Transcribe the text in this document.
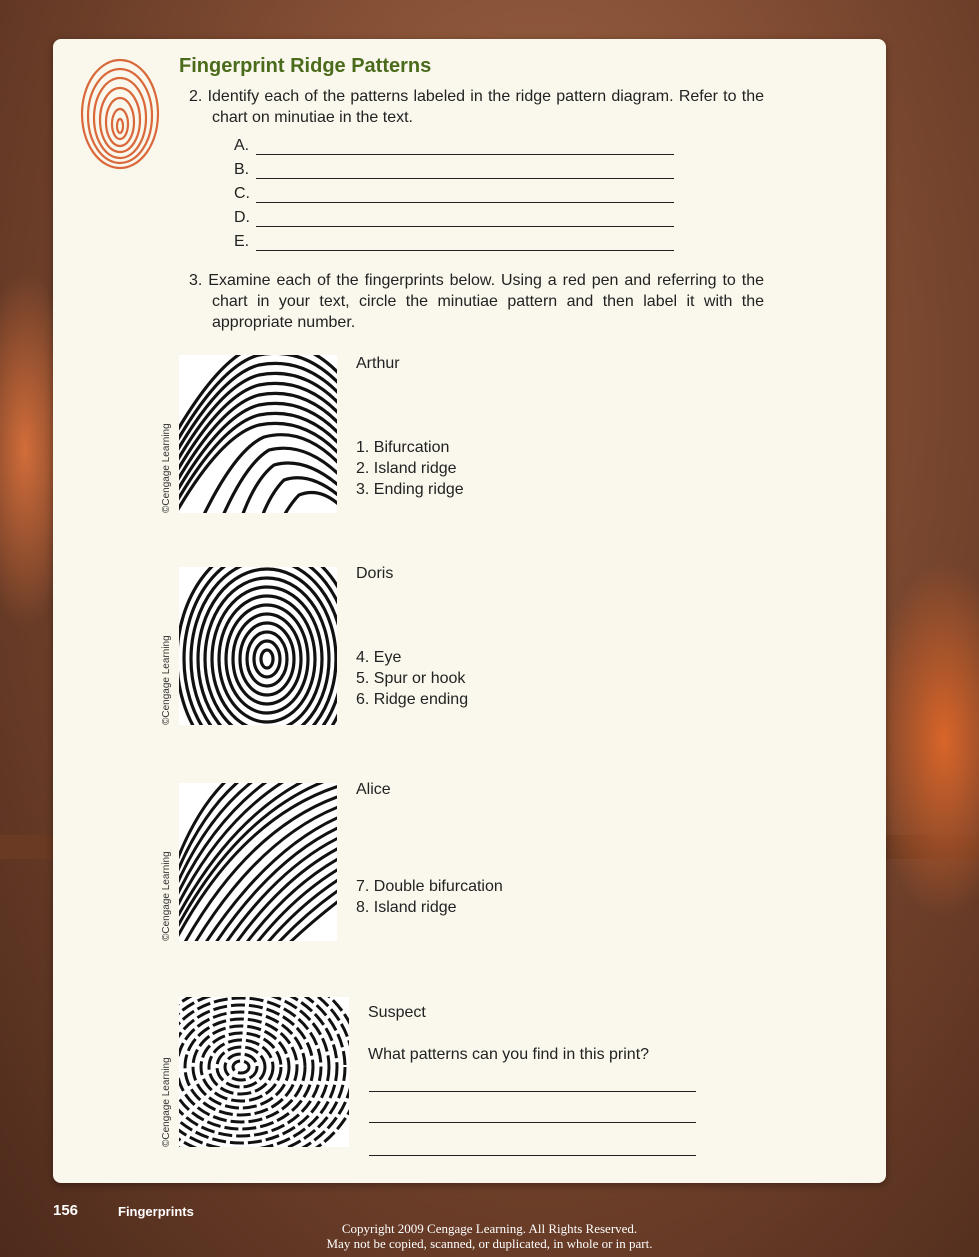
Fingerprint Ridge Patterns

2. Identify each of the patterns labeled in the ridge pattern diagram. Refer to the chart on minutiae in the text.

A.
B.
C.
D.
E.

3. Examine each of the fingerprints below. Using a red pen and referring to the chart in your text, circle the minutiae pattern and then label it with the appropriate number.

©Cengage Learning
Arthur
1. Bifurcation
2. Island ridge
3. Ending ridge
©Cengage Learning
Doris
4. Eye
5. Spur or hook
6. Ridge ending
©Cengage Learning
Alice
7. Double bifurcation
8. Island ridge
©Cengage Learning
Suspect
What patterns can you find in this print?
156	Fingerprints
Copyright 2009 Cengage Learning. All Rights Reserved.
May not be copied, scanned, or duplicated, in whole or in part.
